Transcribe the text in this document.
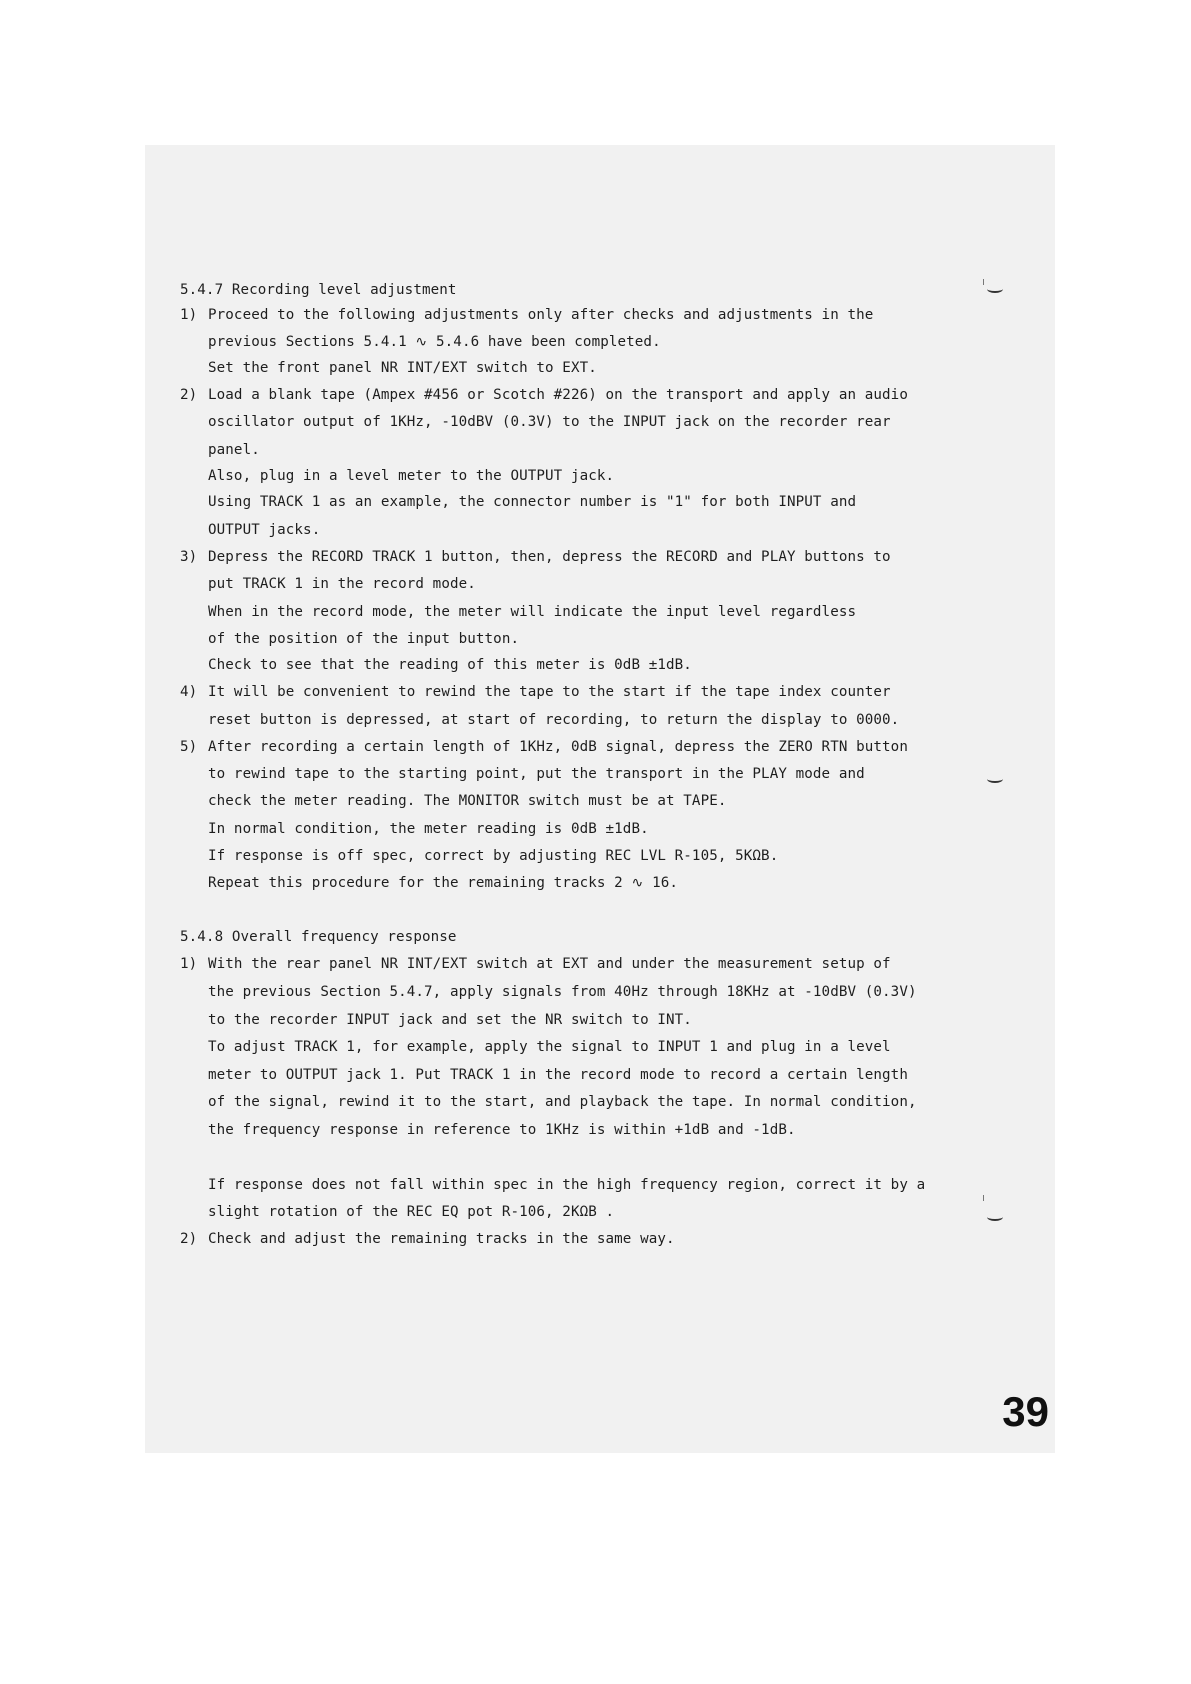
5.4.7 Recording level adjustment
1) Proceed to the following adjustments only after checks and adjustments in the
previous Sections 5.4.1 ∿ 5.4.6 have been completed.
Set the front panel NR INT/EXT switch to EXT.
2) Load a blank tape (Ampex #456 or Scotch #226) on the transport and apply an audio
oscillator output of 1KHz, -10dBV (0.3V) to the INPUT jack on the recorder rear
panel.
Also, plug in a level meter to the OUTPUT jack.
Using TRACK 1 as an example, the connector number is "1" for both INPUT and
OUTPUT jacks.
3) Depress the RECORD TRACK 1 button, then, depress the RECORD and PLAY buttons to
put TRACK 1 in the record mode.
When in the record mode, the meter will indicate the input level regardless
of the position of the input button.
Check to see that the reading of this meter is 0dB ±1dB.
4) It will be convenient to rewind the tape to the start if the tape index counter
reset button is depressed, at start of recording, to return the display to 0000.
5) After recording a certain length of 1KHz, 0dB signal, depress the ZERO RTN button
to rewind tape to the starting point, put the transport in the PLAY mode and
check the meter reading. The MONITOR switch must be at TAPE.
In normal condition, the meter reading is 0dB ±1dB.
If response is off spec, correct by adjusting REC LVL R-105, 5KΩB.
Repeat this procedure for the remaining tracks 2 ∿ 16.
5.4.8 Overall frequency response
1) With the rear panel NR INT/EXT switch at EXT and under the measurement setup of
the previous Section 5.4.7, apply signals from 40Hz through 18KHz at -10dBV (0.3V)
to the recorder INPUT jack and set the NR switch to INT.
To adjust TRACK 1, for example, apply the signal to INPUT 1 and plug in a level
meter to OUTPUT jack 1. Put TRACK 1 in the record mode to record a certain length
of the signal, rewind it to the start, and playback the tape. In normal condition,
the frequency response in reference to 1KHz is within +1dB and -1dB.
If response does not fall within spec in the high frequency region, correct it by a
slight rotation of the REC EQ pot R-106, 2KΩB .
2) Check and adjust the remaining tracks in the same way.
39
